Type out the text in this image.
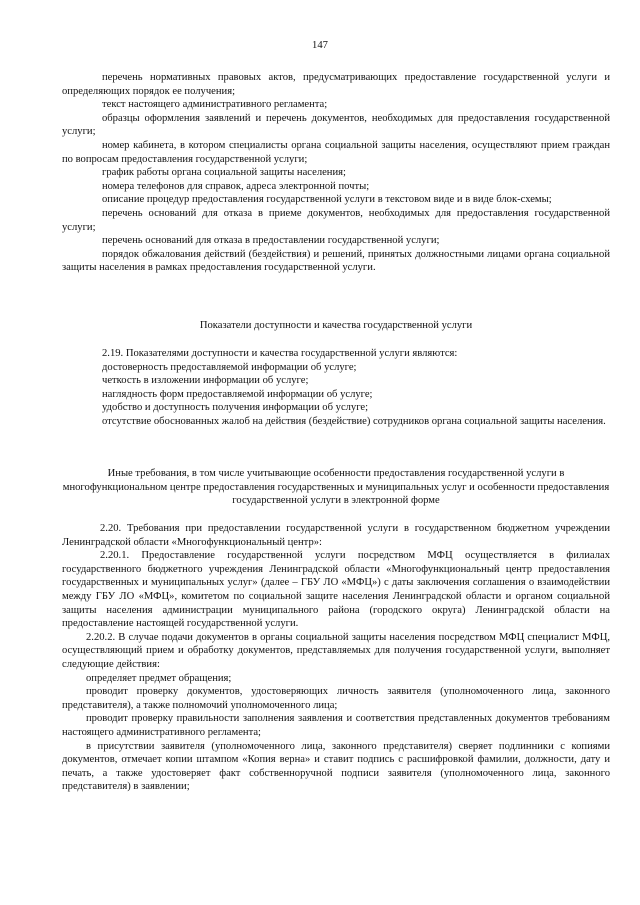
147

перечень нормативных правовых актов, предусматривающих предоставление государственной услуги и определяющих порядок ее получения;

текст настоящего административного регламента;

образцы оформления заявлений и перечень документов, необходимых для предоставления государственной услуги;

номер кабинета, в котором специалисты органа социальной защиты населения, осуществляют прием граждан по вопросам предоставления государственной услуги;

график работы органа социальной защиты населения;

номера телефонов для справок, адреса электронной почты;

описание процедур предоставления государственной услуги в текстовом виде и в виде блок-схемы;

перечень оснований для отказа в приеме документов, необходимых для предоставления государственной услуги;

перечень оснований для отказа в предоставлении государственной услуги;

порядок обжалования действий (бездействия) и решений, принятых должностными лицами органа социальной защиты населения в рамках предоставления государственной услуги.

Показатели доступности и качества государственной услуги

2.19. Показателями доступности и качества государственной услуги являются:

достоверность предоставляемой информации об услуге;

четкость в изложении информации об услуге;

наглядность форм предоставляемой информации об услуге;

удобство и доступность получения информации об услуге;

отсутствие обоснованных жалоб на действия (бездействие) сотрудников органа социальной защиты населения.

Иные требования, в том числе учитывающие особенности предоставления государственной услуги в многофункциональном центре предоставления государственных и муниципальных услуг и особенности предоставления государственной услуги в электронной форме

2.20. Требования при предоставлении государственной услуги в государственном бюджетном учреждении Ленинградской области «Многофункциональный центр»:

2.20.1. Предоставление государственной услуги посредством МФЦ осуществляется в филиалах государственного бюджетного учреждения Ленинградской области «Многофункциональный центр предоставления государственных и муниципальных услуг» (далее – ГБУ ЛО «МФЦ») с даты заключения соглашения о взаимодействии между ГБУ ЛО «МФЦ», комитетом по социальной защите населения Ленинградской области и органом социальной защиты населения администрации муниципального района (городского округа) Ленинградской области на предоставление настоящей государственной услуги.

2.20.2. В случае подачи документов в органы социальной защиты населения посредством МФЦ специалист МФЦ, осуществляющий прием и обработку документов, представляемых для получения государственной услуги, выполняет следующие действия:

определяет предмет обращения;

проводит проверку документов, удостоверяющих личность заявителя (уполномоченного лица, законного представителя), а также полномочий уполномоченного лица;

проводит проверку правильности заполнения заявления и соответствия представленных документов требованиям настоящего административного регламента;

в присутствии заявителя (уполномоченного лица, законного представителя) сверяет подлинники с копиями документов, отмечает копии штампом «Копия верна» и ставит подпись с расшифровкой фамилии, должности, дату и печать, а также удостоверяет факт собственноручной подписи заявителя (уполномоченного лица, законного представителя) в заявлении;
